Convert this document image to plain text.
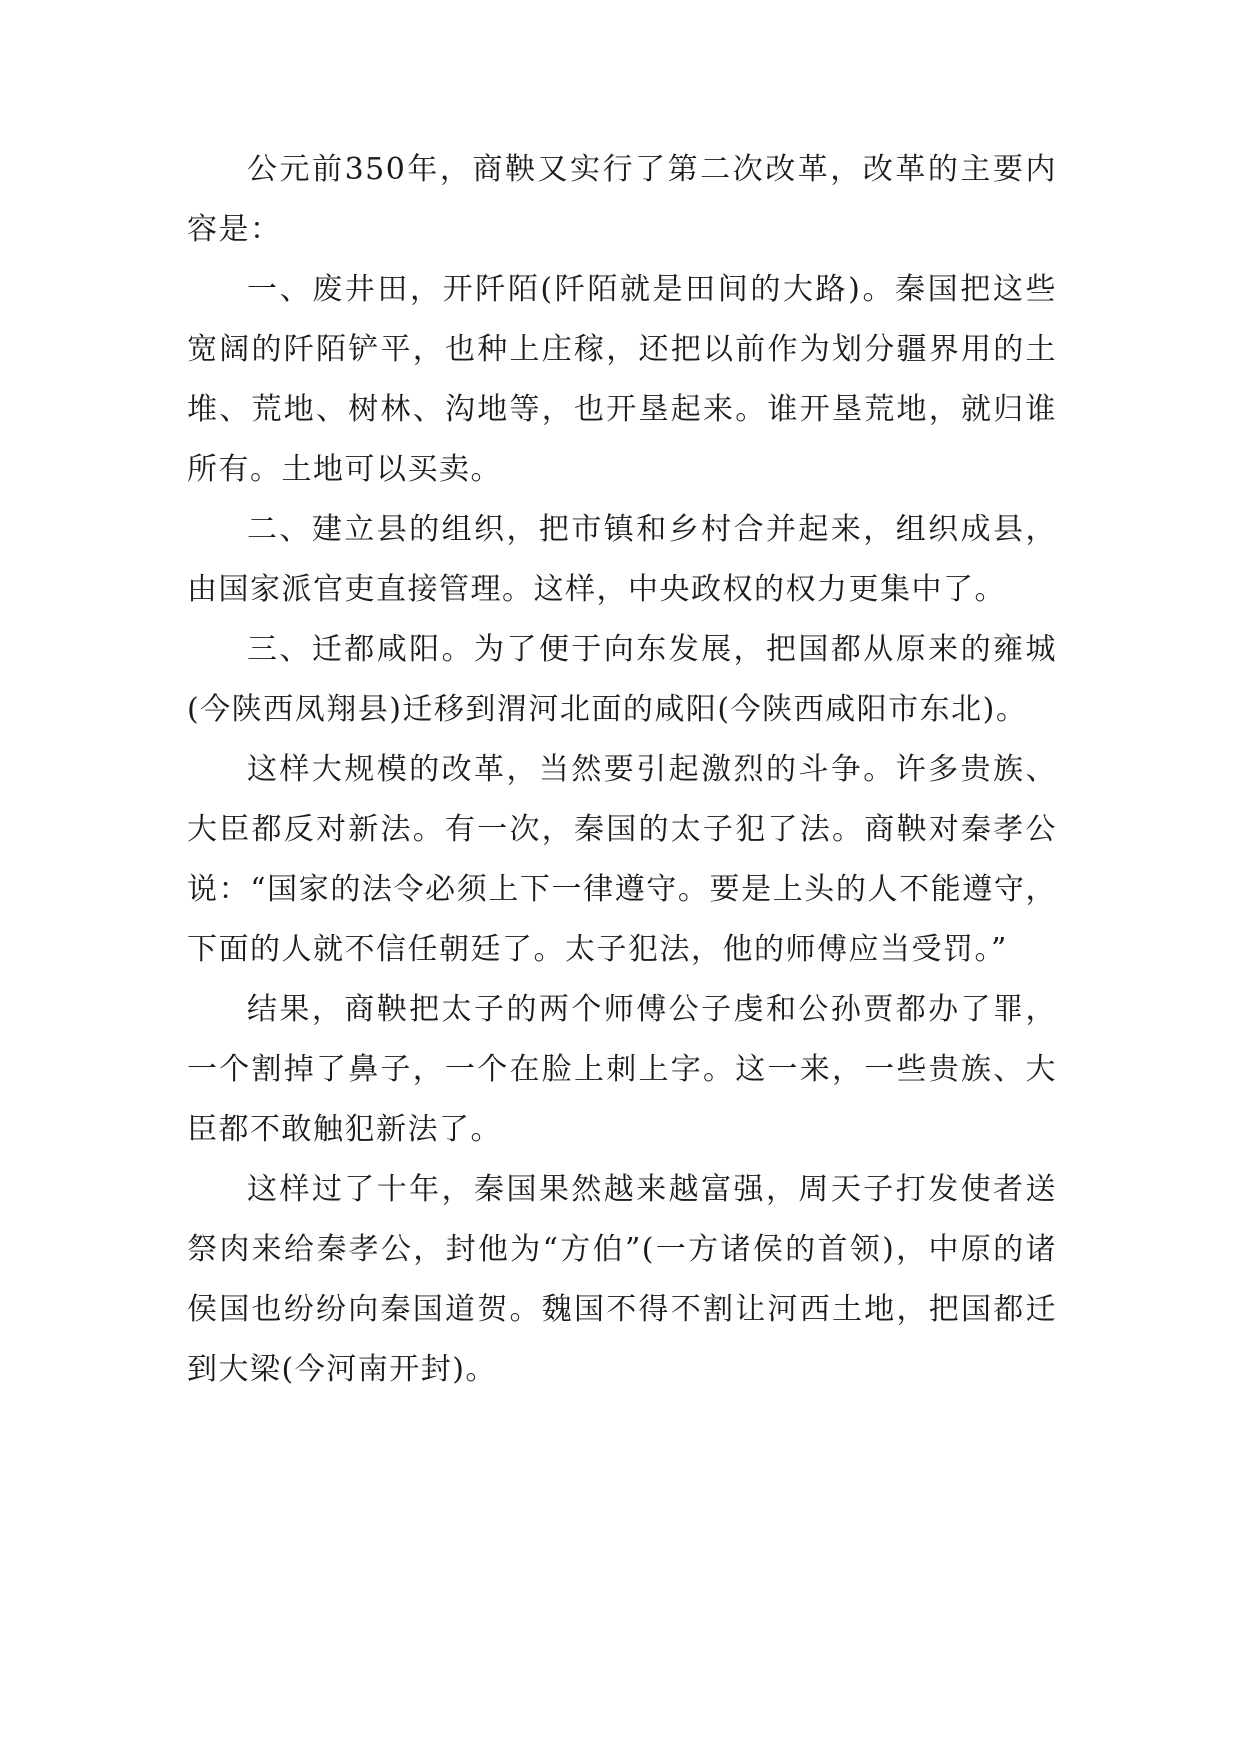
公元前350年，商鞅又实行了第二次改革，改革的主要内容是：

一、废井田，开阡陌(阡陌就是田间的大路)。秦国把这些宽阔的阡陌铲平，也种上庄稼，还把以前作为划分疆界用的土堆、荒地、树林、沟地等，也开垦起来。谁开垦荒地，就归谁所有。土地可以买卖。

二、建立县的组织，把市镇和乡村合并起来，组织成县，由国家派官吏直接管理。这样，中央政权的权力更集中了。

三、迁都咸阳。为了便于向东发展，把国都从原来的雍城(今陕西凤翔县)迁移到渭河北面的咸阳(今陕西咸阳市东北)。

这样大规模的改革，当然要引起激烈的斗争。许多贵族、大臣都反对新法。有一次，秦国的太子犯了法。商鞅对秦孝公说：“国家的法令必须上下一律遵守。要是上头的人不能遵守，下面的人就不信任朝廷了。太子犯法，他的师傅应当受罚。”

结果，商鞅把太子的两个师傅公子虔和公孙贾都办了罪，一个割掉了鼻子，一个在脸上刺上字。这一来，一些贵族、大臣都不敢触犯新法了。

这样过了十年，秦国果然越来越富强，周天子打发使者送祭肉来给秦孝公，封他为“方伯”(一方诸侯的首领)，中原的诸侯国也纷纷向秦国道贺。魏国不得不割让河西土地，把国都迁到大梁(今河南开封)。
